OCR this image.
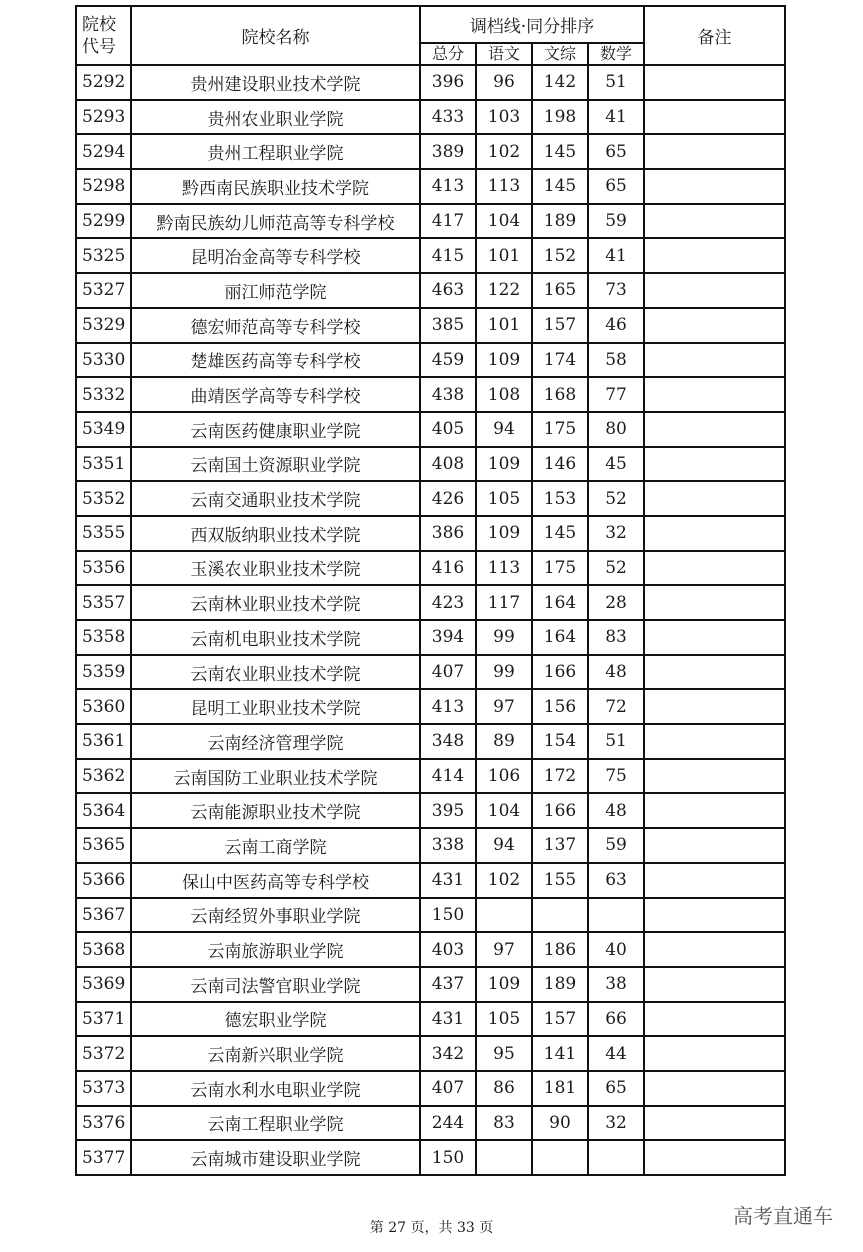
院校代号	院校名称	调档线·同分排序				备注
		总分	语文	文综	数学	
5292	贵州建设职业技术学院	396	96	142	51	
5293	贵州农业职业学院	433	103	198	41	
5294	贵州工程职业学院	389	102	145	65	
5298	黔西南民族职业技术学院	413	113	145	65	
5299	黔南民族幼儿师范高等专科学校	417	104	189	59	
5325	昆明冶金高等专科学校	415	101	152	41	
5327	丽江师范学院	463	122	165	73	
5329	德宏师范高等专科学校	385	101	157	46	
5330	楚雄医药高等专科学校	459	109	174	58	
5332	曲靖医学高等专科学校	438	108	168	77	
5349	云南医药健康职业学院	405	94	175	80	
5351	云南国土资源职业学院	408	109	146	45	
5352	云南交通职业技术学院	426	105	153	52	
5355	西双版纳职业技术学院	386	109	145	32	
5356	玉溪农业职业技术学院	416	113	175	52	
5357	云南林业职业技术学院	423	117	164	28	
5358	云南机电职业技术学院	394	99	164	83	
5359	云南农业职业技术学院	407	99	166	48	
5360	昆明工业职业技术学院	413	97	156	72	
5361	云南经济管理学院	348	89	154	51	
5362	云南国防工业职业技术学院	414	106	172	75	
5364	云南能源职业技术学院	395	104	166	48	
5365	云南工商学院	338	94	137	59	
5366	保山中医药高等专科学校	431	102	155	63	
5367	云南经贸外事职业学院	150				
5368	云南旅游职业学院	403	97	186	40	
5369	云南司法警官职业学院	437	109	189	38	
5371	德宏职业学院	431	105	157	66	
5372	云南新兴职业学院	342	95	141	44	
5373	云南水利水电职业学院	407	86	181	65	
5376	云南工程职业学院	244	83	90	32	
5377	云南城市建设职业学院	150				
第 27 页，共 33 页	高考直通车
